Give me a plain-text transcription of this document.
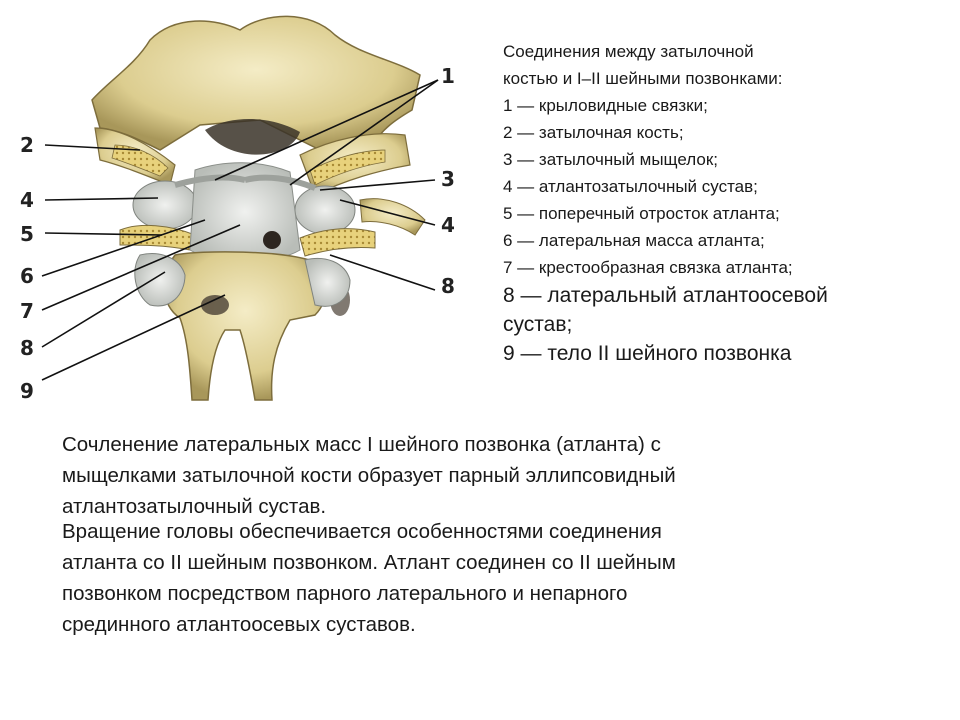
2
4
5
6
7
8
9
1
3
4
8
Соединения между затылочной
костью и I–II шейными позвонками:
1 — крыловидные связки;
2 — затылочная кость;
3 — затылочный мыщелок;
4 — атлантозатылочный сустав;
5 — поперечный отросток атланта;
6 — латеральная масса атланта;
7 — крестообразная связка атланта;
8 — латеральный атлантоосевой
сустав;
9 — тело II шейного позвонка
Сочленение латеральных масс I шейного позвонка (атланта) с
мыщелками затылочной кости образует парный эллипсовидный
атлантозатылочный сустав.
Вращение головы обеспечивается особенностями соединения
атланта со II шейным позвонком. Атлант соединен со II шейным
позвонком посредством парного латерального и непарного
срединного атлантоосевых суставов.
